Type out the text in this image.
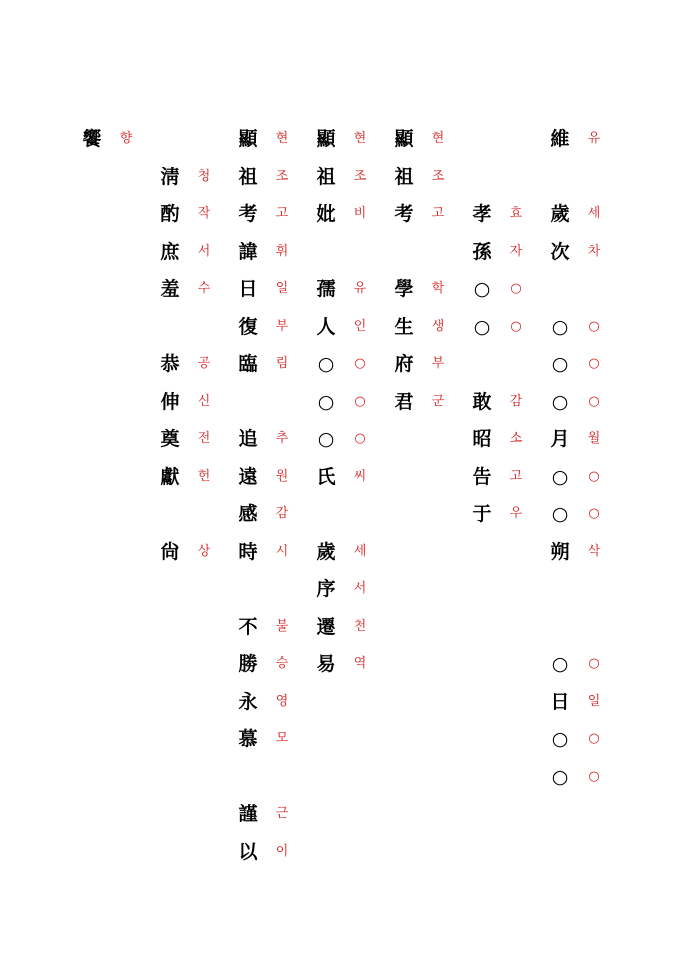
維	유
歲	세
次	차
○	○
○	○
○	○
月	월
○	○
○	○
朔	삭
○	○
日	일
○	○
○	○
孝	효
孫	자
○	○
○	○
敢	감
昭	소
告	고
于	우
顯	현
祖	조
考	고
學	학
生	생
府	부
君	군
顯	현
祖	조
妣	비
孺	유
人	인
○	○
○	○
○	○
氏	씨
歲	세
序	서
遷	천
易	역
顯	현
祖	조
考	고
諱	휘
日	일
復	부
臨	림
追	추
遠	원
感	감
時	시
不	불
勝	승
永	영
慕	모
謹	근
以	이
淸	청
酌	작
庶	서
羞	수
恭	공
伸	신
奠	전
獻	헌
尙	상
饗	향
